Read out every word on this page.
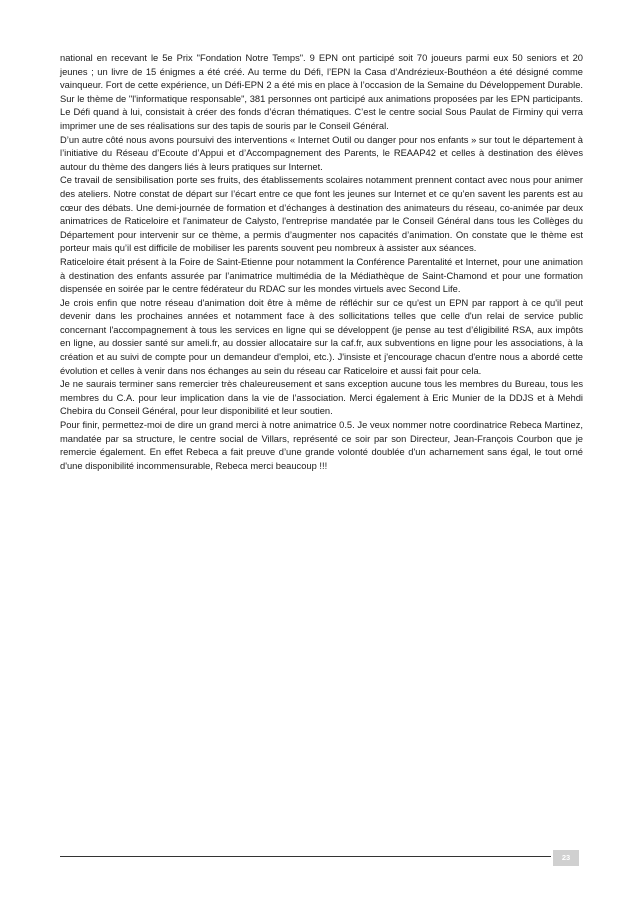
national en recevant le 5e Prix "Fondation Notre Temps". 9 EPN ont participé soit 70 joueurs parmi eux 50 seniors et 20 jeunes ; un livre de 15 énigmes a été créé. Au terme du Défi, l’EPN la Casa d’Andrézieux-Bouthéon a été désigné comme vainqueur. Fort de cette expérience, un Défi-EPN 2 a été mis en place à l’occasion de la Semaine du Développement Durable. Sur le thème de "l'informatique responsable", 381 personnes ont participé aux animations proposées par les EPN participants. Le Défi quand à lui, consistait à créer des fonds d’écran thématiques. C’est le centre social Sous Paulat de Firminy qui verra imprimer une de ses réalisations sur des tapis de souris par le Conseil Général.

D’un autre côté nous avons poursuivi des interventions « Internet Outil ou danger pour nos enfants » sur tout le département à l’initiative du Réseau d’Ecoute d’Appui et d’Accompagnement des Parents, le REAAP42 et celles à destination des élèves autour du thème des dangers liés à leurs pratiques sur Internet.

Ce travail de sensibilisation porte ses fruits, des établissements scolaires notamment prennent contact avec nous pour animer des ateliers. Notre constat de départ sur l’écart entre ce que font les jeunes sur Internet et ce qu’en savent les parents est au cœur des débats. Une demi-journée de formation et d’échanges à destination des animateurs du réseau, co-animée par deux animatrices de Raticeloire et l'animateur de Calysto, l'entreprise mandatée par le Conseil Général dans tous les Collèges du Département pour intervenir sur ce thème, a permis d’augmenter nos capacités d’animation. On constate que le thème est porteur mais qu’il est difficile de mobiliser les parents souvent peu nombreux à assister aux séances.

Raticeloire était présent à la Foire de Saint-Etienne pour notamment la Conférence Parentalité et Internet, pour une animation à destination des enfants assurée par l’animatrice multimédia de la Médiathèque de Saint-Chamond et pour une formation dispensée en soirée par le centre fédérateur du RDAC sur les mondes virtuels avec Second Life.

Je crois enfin que notre réseau d'animation doit être à même de réfléchir sur ce qu'est un EPN par rapport à ce qu'il peut devenir dans les prochaines années et notamment face à des sollicitations telles que celle d'un relai de service public concernant l'accompagnement à tous les services en ligne qui se développent (je pense au test d’éligibilité RSA, aux impôts en ligne, au dossier santé sur ameli.fr, au dossier allocataire sur la caf.fr, aux subventions en ligne pour les associations, à la création et au suivi de compte pour un demandeur d'emploi, etc.). J'insiste et j'encourage chacun d'entre nous a abordé cette évolution et celles à venir dans nos échanges au sein du réseau car Raticeloire et aussi fait pour cela.

Je ne saurais terminer sans remercier très chaleureusement et sans exception aucune tous les membres du Bureau, tous les membres du C.A. pour leur implication dans la vie de l’association. Merci également à Eric Munier de la DDJS et à Mehdi Chebira du Conseil Général, pour leur disponibilité et leur soutien.

Pour finir, permettez-moi de dire un grand merci à notre animatrice 0.5. Je veux nommer notre coordinatrice Rebeca Martinez, mandatée par sa structure, le centre social de Villars, représenté ce soir par son Directeur, Jean-François Courbon que je remercie également. En effet Rebeca a fait preuve d’une grande volonté doublée d'un acharnement sans égal, le tout orné d'une disponibilité incommensurable, Rebeca merci beaucoup !!!

23
